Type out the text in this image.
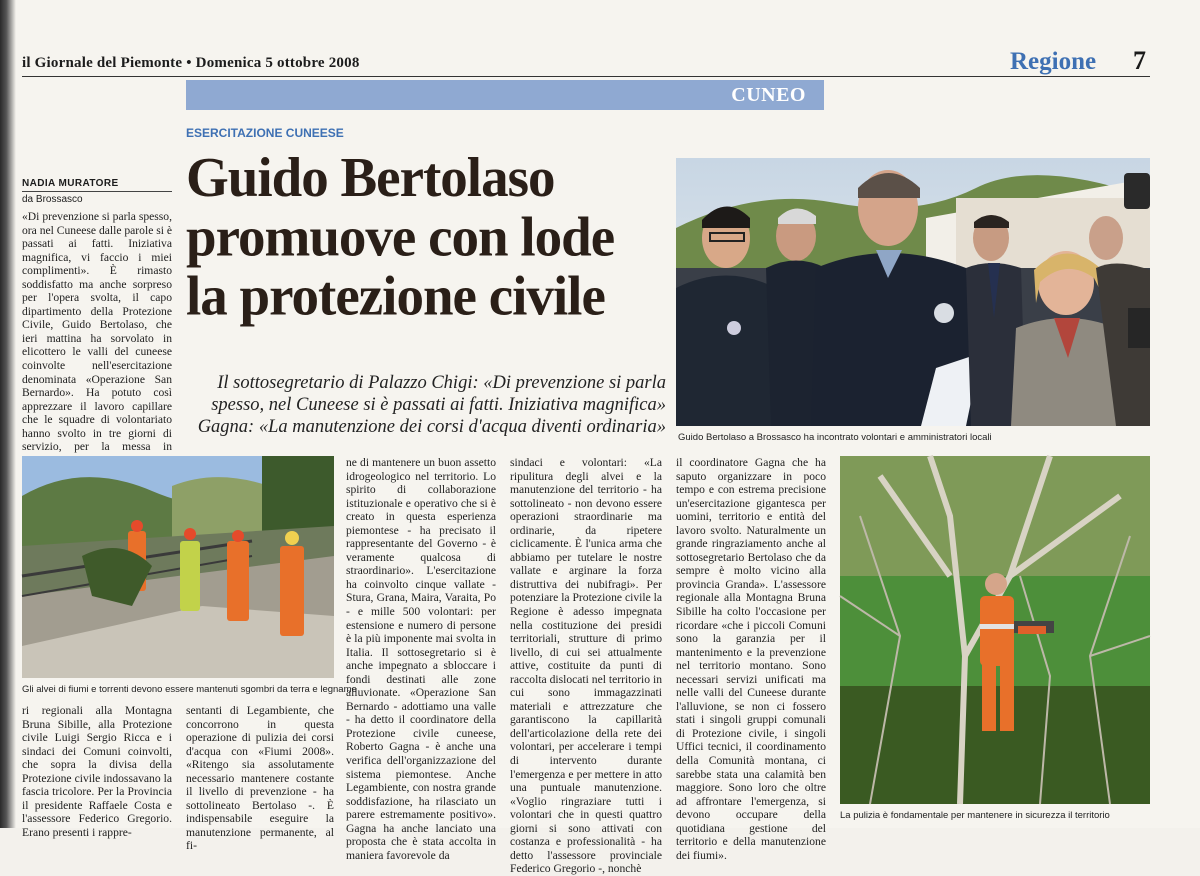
il Giornale del Piemonte • Domenica 5 ottobre 2008	Regione 7
CUNEO
ESERCITAZIONE CUNEESE
Guido Bertolaso promuove con lode la protezione civile
Il sottosegretario di Palazzo Chigi: «Di prevenzione si parla spesso, nel Cuneese si è passati ai fatti. Iniziativa magnifica» Gagna: «La manutenzione dei corsi d'acqua diventi ordinaria»
NADIA MURATORE
da Brossasco
«Di prevenzione si parla spesso, ora nel Cuneese dalle parole si è passati ai fatti. Iniziativa magnifica, vi faccio i miei complimenti». È rimasto soddisfatto ma anche sorpreso per l'opera svolta, il capo dipartimento della Protezione Civile, Guido Bertolaso, che ieri mattina ha sorvolato in elicottero le valli del cuneese coinvolte nell'esercitazione denominata «Operazione San Bernardo». Ha potuto così apprezzare il lavoro capillare che le squadre di volontariato hanno svolto in tre giorni di servizio, per la messa in
Guido Bertolaso a Brossasco ha incontrato volontari e amministratori locali
Gli alvei di fiumi e torrenti devono essere mantenuti sgombri da terra e legname
ri regionali alla Montagna Bruna Sibille, alla Protezione civile Luigi Sergio Ricca e i sindaci dei Comuni coinvolti, che sopra la divisa della Protezione civile indossavano la fascia tricolore. Per la Provincia il presidente Raffaele Costa e l'assessore Federico Gregorio. Erano presenti i rappre-
sentanti di Legambiente, che concorrono in questa operazione di pulizia dei corsi d'acqua con «Fiumi 2008». «Ritengo sia assolutamente necessario mantenere costante il livello di prevenzione - ha sottolineato Bertolaso -. È indispensabile eseguire la manutenzione permanente, al fi-
ne di mantenere un buon assetto idrogeologico nel territorio. Lo spirito di collaborazione istituzionale e operativo che si è creato in questa esperienza piemontese - ha precisato il rappresentante del Governo - è veramente qualcosa di straordinario». L'esercitazione ha coinvolto cinque vallate - Stura, Grana, Maira, Varaita, Po - e mille 500 volontari: per estensione e numero di persone è la più imponente mai svolta in Italia. Il sottosegretario si è anche impegnato a sbloccare i fondi destinati alle zone alluvionate. «Operazione San Bernardo - adottiamo una valle - ha detto il coordinatore della Protezione civile cuneese, Roberto Gagna - è anche una verifica dell'organizzazione del sistema piemontese. Anche Legambiente, con nostra grande soddisfazione, ha rilasciato un parere estremamente positivo». Gagna ha anche lanciato una proposta che è stata accolta in maniera favorevole da
sindaci e volontari: «La ripulitura degli alvei e la manutenzione del territorio - ha sottolineato - non devono essere operazioni straordinarie ma ordinarie, da ripetere ciclicamente. È l'unica arma che abbiamo per tutelare le nostre vallate e arginare la forza distruttiva dei nubifragi». Per potenziare la Protezione civile la Regione è adesso impegnata nella costituzione dei presidi territoriali, strutture di primo livello, di cui sei attualmente attive, costituite da punti di raccolta dislocati nel territorio in cui sono immagazzinati materiali e attrezzature che garantiscono la capillarità dell'articolazione della rete dei volontari, per accelerare i tempi di intervento durante l'emergenza e per mettere in atto una puntuale manutenzione. «Voglio ringraziare tutti i volontari che in questi quattro giorni si sono attivati con costanza e professionalità - ha detto l'assessore provinciale Federico Gregorio -, nonchè
il coordinatore Gagna che ha saputo organizzare in poco tempo e con estrema precisione un'esercitazione gigantesca per uomini, territorio e entità del lavoro svolto. Naturalmente un grande ringraziamento anche al sottosegretario Bertolaso che da sempre è molto vicino alla provincia Granda». L'assessore regionale alla Montagna Bruna Sibille ha colto l'occasione per ricordare «che i piccoli Comuni sono la garanzia per il mantenimento e la prevenzione nel territorio montano. Sono necessari servizi unificati ma nelle valli del Cuneese durante l'alluvione, se non ci fossero stati i singoli gruppi comunali di Protezione civile, i singoli Uffici tecnici, il coordinamento della Comunità montana, ci sarebbe stata una calamità ben maggiore. Sono loro che oltre ad affrontare l'emergenza, si devono occupare della quotidiana gestione del territorio e della manutenzione dei fiumi».
La pulizia è fondamentale per mantenere in sicurezza il territorio
